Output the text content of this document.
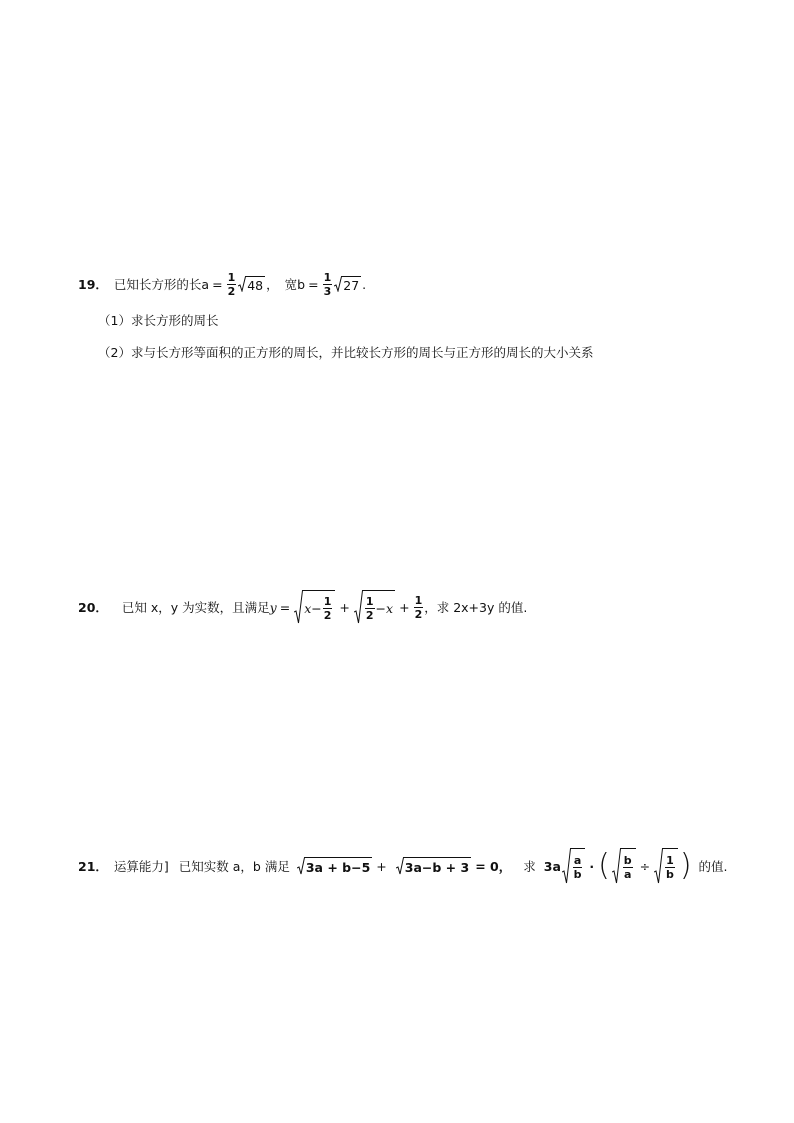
19． 已知长方形的长 $a = \frac{1}{2} 48$ ， 宽 $b = \frac{1}{3} 27$ .
（1）求长方形的周长
（2）求与长方形等面积的正方形的周长，并比较长方形的周长与正方形的周长的大小关系
20． 已知 x，y 为实数，且满足 $y = x - \frac{1}{2} + \frac{1}{2} - x + \frac{1}{2}$ ，求 2x+3y 的值.
21． 运算能力] 已知实数 a，b 满足 3a + b−5 + 3a−b + 3 = 0， 求 $3a \frac{a}{b}$ · ( $\frac{b}{a} \div \frac{1}{b}$ ) 的值.
